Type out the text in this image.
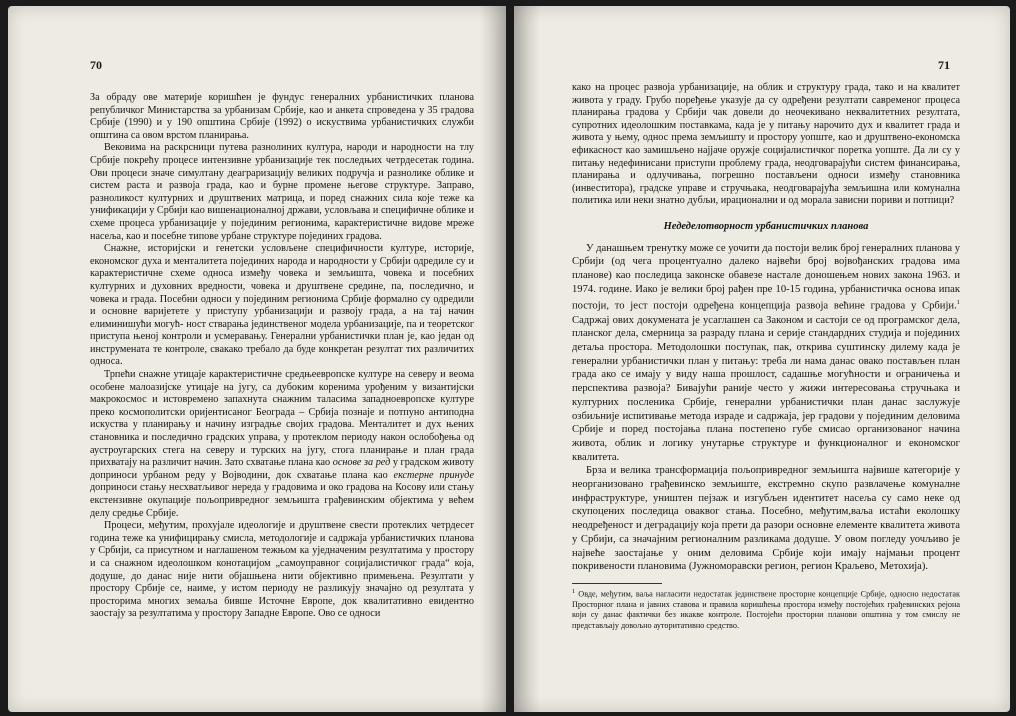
70

За обраду ове материје коришћен је фундус генералних урбанистичких планова републичког Министарства за урбанизам Србије, као и анкета спроведена у 35 градова Србије (1990) и у 190 општина Србије (1992) о искуствима урбанистичких служби општина са овом врстом планирања.

Вековима на раскрсници путева разнолиних култура, народи и народности на тлу Србије покрећу процесе интензивне урбанизације тек последњих четрдесетак година. Ови процеси значе симултану деаграризацију великих подручја и разнолике облике и систем раста и развоја града, као и бурне промене његове структуре. Заправо, разноликост културних и друштвених матрица, и поред снажних сила које теже ка унификацији у Србији као вишенационалној држави, условљава и специфичне облике и схеме процеса урбанизације у појединим регионима, карактеристичне видове мреже насеља, као и посебне типове урбане структуре појединих градова.

Снажне, историјски и генетски условљене специфичности културе, историје, економског духа и менталитета појединих народа и народности у Србији одредиле су и карактеристичне схеме односа између човека и земљишта, човека и посебних културних и духовних вредности, човека и друштвене средине, па, последично, и човека и града. Посебни односи у појединим регионима Србије формално су одредили и основне варијетете у приступу урбанизацији и развоју града, а на тај начин елиминишући могућ- ност стварања јединственог модела урбанизације, па и теоретског приступа њеној контроли и усмеравању. Генерални урбанистички план је, као један од инструмената те контроле, свакако требало да буде конкретан резултат тих различитих односа.

Трпећи снажне утицаје карактеристичне средњеевропске културе на северу и веома особене малоазијске утицаје на југу, са дубоким коренима урођеним у византијски макрокосмос и истовремено запахнута снажним таласима западноевропске културе преко космополитски оријентисаног Београда – Србија познаје и потпуно антиподна искуства у планирању и начину изградње својих градова. Менталитет и дух њених становника и последично градских управа, у протеклом периоду након ослобођења од аустроугарских стега на северу и турских на југу, стога планирање и план града прихватају на различит начин. Зато схватање плана као основе за ред у градском животу доприноси урбаном реду у Војводини, док схватање плана као екстерне принуде доприноси стању несхватљивог нереда у градовима и око градова на Косову или стању екстензивне окупације пољопривредног земљишта грађевинским објектима у већем делу средње Србије.

Процеси, међутим, прохујале идеологије и друштвене свести протеклих четрдесет година теже ка унифицирању смисла, методологије и садржаја урбанистичких планова у Србији, са присутном и наглашеном тежњом ка уједначеним резултатима у простору и са снажном идеолошком конотацијом „самоуправног социјалистичког града“ која, додуше, до данас није нити објашњена нити објективно примењена. Резултати у простору Србије се, наиме, у истом периоду не разликују значајно од резултата у просторима многих земаља бивше Источне Европе, док квалитативно евидентно заостају за резултатима у простору Западне Европе. Ово се односи

71

како на процес развоја урбанизације, на облик и структуру града, тако и на квалитет живота у граду. Грубо поређење указује да су одређени резултати савременог процеса планирања градова у Србији чак довели до неочекивано неквалитетних резултата, супротних идеолошким поставкама, када је у питању нарочито дух и квалитет града и живота у њему, однос према земљишту и простору уопште, као и друштвено-економска ефикасност као замишљено најјаче оружје социјалистичког поретка уопште. Да ли су у питању недефинисани приступи проблему града, неодговарајући систем финансирања, планирања и одлучивања, погрешно постављени односи између становника (инвеститора), градске управе и стручњака, неодговарајућа земљишна или комунална политика или неки знатно дубљи, ирационални и од морала зависни пориви и потпици?

Недеделотворност урбанистичких планова

У данашњем тренутку може се уочити да постоји велик број генералних планова у Србији (од чега процентуално далеко највећи број војвођанских градова има планове) као последица законске обавезе настале доношењем нових закона 1963. и 1974. године. Иако је велики број рађен пре 10-15 година, урбанистичка основа ипак постоји, то јест постоји одређена концепција развоја већине градова у Србији.$^1$ Садржај ових докумената је усаглашен са Законом и састоји се од програмског дела, планског дела, смерница за разраду плана и серије стандардних студија и појединих детаља простора. Методолошки поступак, пак, открива суштинску дилему када је генерални урбанистички план у питању: треба ли нама данас овако постављен план града ако се имају у виду наша прошлост, садашње могућности и ограничења и перспектива развоја? Бивајући раније често у жижи интересовања стручњака и културних посленика Србије, генерални урбанистички план данас заслужује озбиљније испитивање метода израде и садржаја, јер градови у појединим деловима Србије и поред постојања плана постепено губе смисао организованог начина живота, облик и логику унутарње структуре и функционалног и економског квалитета.

Брза и велика трансформација пољопривредног земљишта највише категорије у неорганизовано грађевинско земљиште, екстремно скупо развлачење комуналне инфраструктуре, уништен пејзаж и изгубљен идентитет насеља су само неке од скупоцених последица оваквог стања. Посебно, међутим,ваља истаћи еколошку неодређеност и деградацију која прети да разори основне елементе квалитета живота у Србији, са значајним регионалним разликама додуше. У овом погледу уочљиво је највеће заостајање у оним деловима Србије који имају најмањи процент покривености плановима (Јужноморавски регион, регион Краљево, Метохија).

$^1$ Овде, међутим, ваља нагласити недостатак јединствене просторне концепције Србије, односно недостатак Просторног плана и јавних ставова и правила коришћења простора између постојећих грађевинских рејона који су данас фактички без икакве контроле. Постојећи просторни планови општина у том смислу не представљају довољно ауторитативно средство.
